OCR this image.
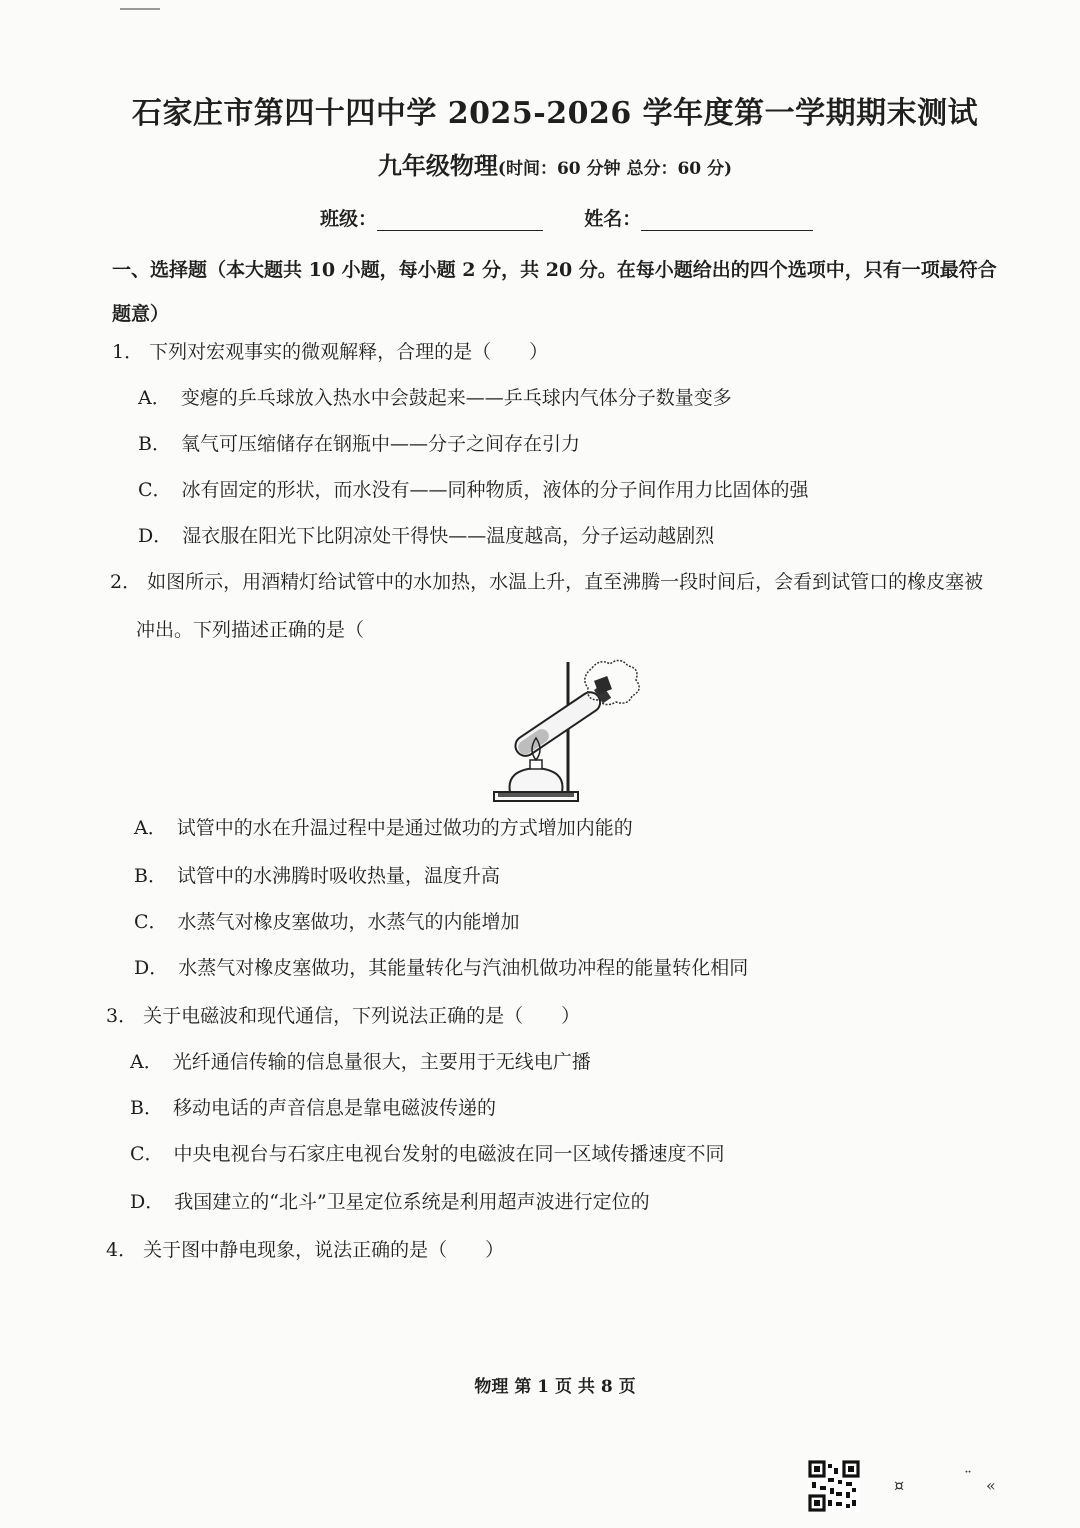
石家庄市第四十四中学 2025-2026 学年度第一学期期末测试
九年级物理(时间：60 分钟 总分：60 分)
班级：	姓名：
一、选择题（本大题共 10 小题，每小题 2 分，共 20 分。在每小题给出的四个选项中，只有一项最符合题意）
1． 下列对宏观事实的微观解释，合理的是（　　）
A． 变瘪的乒乓球放入热水中会鼓起来——乒乓球内气体分子数量变多
B． 氧气可压缩储存在钢瓶中——分子之间存在引力
C． 冰有固定的形状，而水没有——同种物质，液体的分子间作用力比固体的强
D． 湿衣服在阳光下比阴凉处干得快——温度越高，分子运动越剧烈
2． 如图所示，用酒精灯给试管中的水加热，水温上升，直至沸腾一段时间后，会看到试管口的橡皮塞被
冲出。下列描述正确的是（
A． 试管中的水在升温过程中是通过做功的方式增加内能的
B． 试管中的水沸腾时吸收热量，温度升高
C． 水蒸气对橡皮塞做功，水蒸气的内能增加
D． 水蒸气对橡皮塞做功，其能量转化与汽油机做功冲程的能量转化相同
3． 关于电磁波和现代通信，下列说法正确的是（　　）
A． 光纤通信传输的信息量很大，主要用于无线电广播
B． 移动电话的声音信息是靠电磁波传递的
C． 中央电视台与石家庄电视台发射的电磁波在同一区域传播速度不同
D． 我国建立的“北斗”卫星定位系统是利用超声波进行定位的
4． 关于图中静电现象，说法正确的是（　　）
物理 第 1 页 共 8 页
¤	¨ «
